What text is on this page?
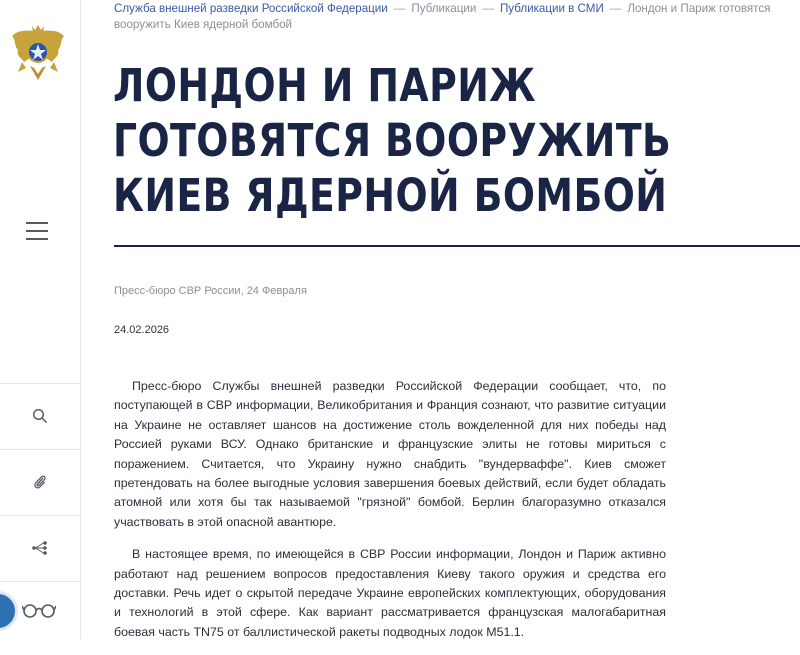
Служба внешней разведки Российской Федерации — Публикации — Публикации в СМИ — Лондон и Париж готовятся вооружить Киев ядерной бомбой
ЛОНДОН И ПАРИЖ ГОТОВЯТСЯ ВООРУЖИТЬ КИЕВ ЯДЕРНОЙ БОМБОЙ
Пресс-бюро СВР России, 24 Февраля
24.02.2026

Пресс-бюро Службы внешней разведки Российской Федерации сообщает, что, по поступающей в СВР информации, Великобритания и Франция сознают, что развитие ситуации на Украине не оставляет шансов на достижение столь вожделенной для них победы над Россией руками ВСУ. Однако британские и французские элиты не готовы мириться с поражением. Считается, что Украину нужно снабдить "вундерваффе". Киев сможет претендовать на более выгодные условия завершения боевых действий, если будет обладать атомной или хотя бы так называемой "грязной" бомбой. Берлин благоразумно отказался участвовать в этой опасной авантюре.

В настоящее время, по имеющейся в СВР России информации, Лондон и Париж активно работают над решением вопросов предоставления Киеву такого оружия и средства его доставки. Речь идет о скрытой передаче Украине европейских комплектующих, оборудования и технологий в этой сфере. Как вариант рассматривается французская малогабаритная боевая часть TN75 от баллистической ракеты подводных лодок M51.1.
